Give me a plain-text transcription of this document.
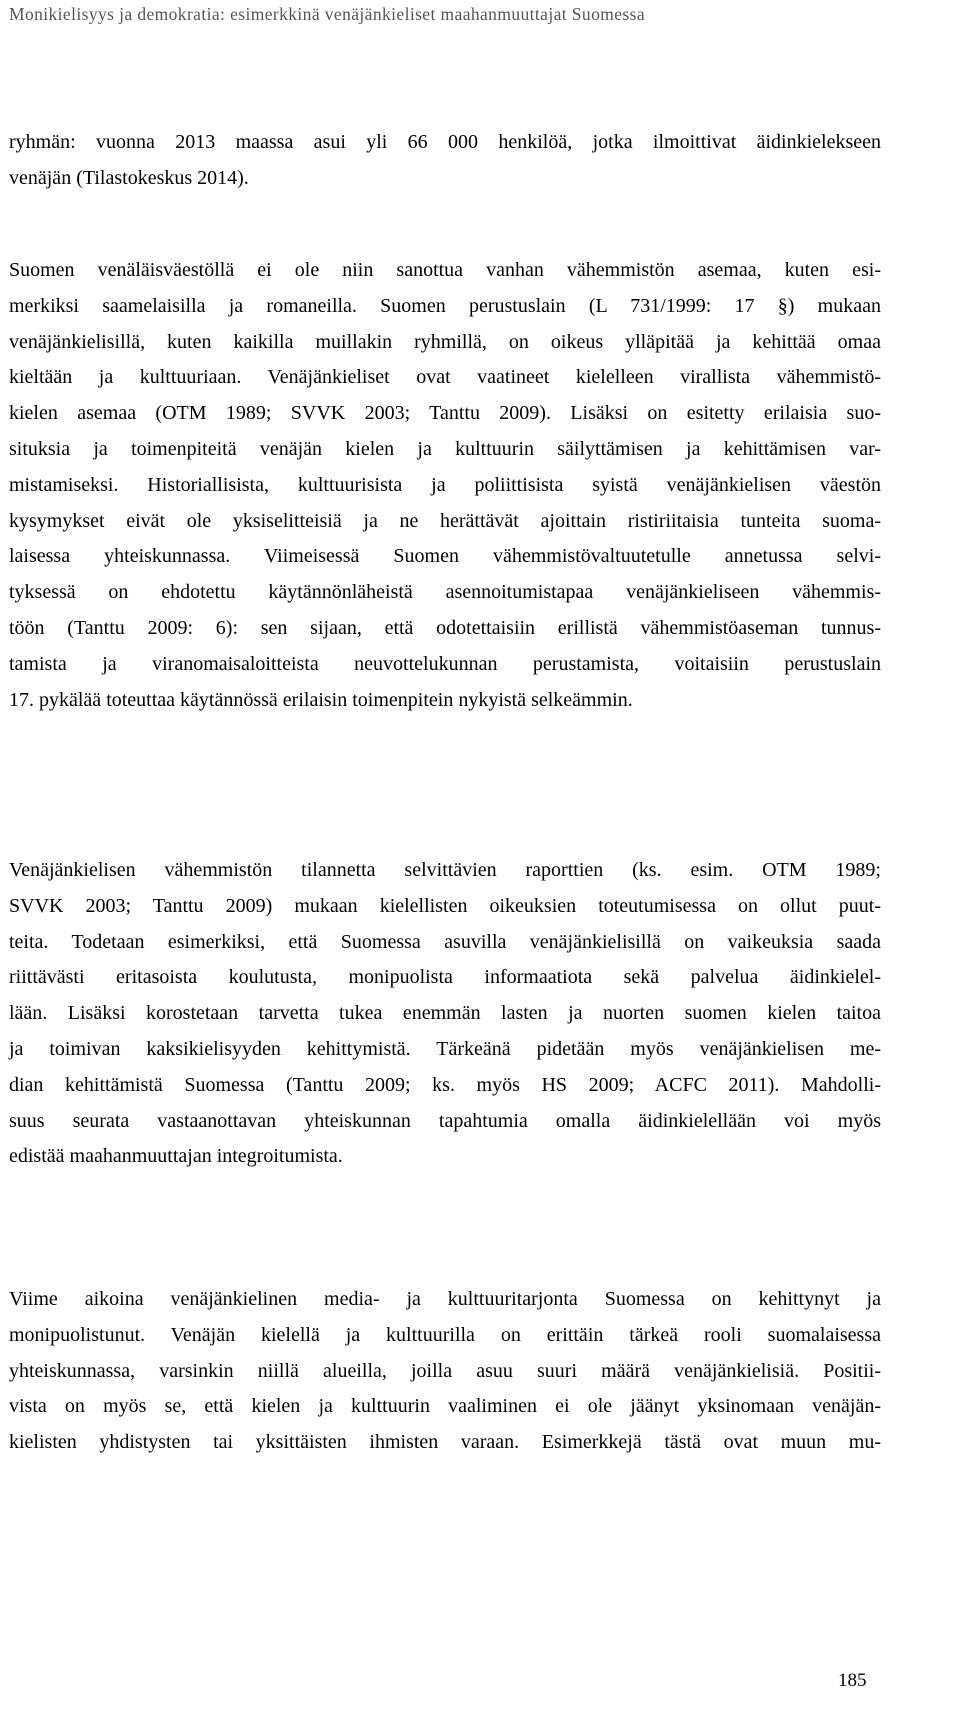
Monikielisyys ja demokratia: esimerkkinä venäjänkieliset maahanmuuttajat Suomessa
ryhmän: vuonna 2013 maassa asui yli 66 000 henkilöä, jotka ilmoittivat äidinkielekseen
venäjän (Tilastokeskus 2014).
Suomen venäläisväestöllä ei ole niin sanottua vanhan vähemmistön asemaa, kuten esi-
merkiksi saamelaisilla ja romaneilla. Suomen perustuslain (L 731/1999: 17 §) mukaan
venäjänkielisillä, kuten kaikilla muillakin ryhmillä, on oikeus ylläpitää ja kehittää omaa
kieltään ja kulttuuriaan. Venäjänkieliset ovat vaatineet kielelleen virallista vähemmistö-
kielen asemaa (OTM 1989; SVVK 2003; Tanttu 2009). Lisäksi on esitetty erilaisia suo-
situksia ja toimenpiteitä venäjän kielen ja kulttuurin säilyttämisen ja kehittämisen var-
mistamiseksi. Historiallisista, kulttuurisista ja poliittisista syistä venäjänkielisen väestön
kysymykset eivät ole yksiselitteisiä ja ne herättävät ajoittain ristiriitaisia tunteita suoma-
laisessa yhteiskunnassa. Viimeisessä Suomen vähemmistövaltuutetulle annetussa selvi-
tyksessä on ehdotettu käytännönläheistä asennoitumistapaa venäjänkieliseen vähemmis-
töön (Tanttu 2009: 6): sen sijaan, että odotettaisiin erillistä vähemmistöaseman tunnus-
tamista ja viranomaisaloitteista neuvottelukunnan perustamista, voitaisiin perustuslain
17. pykälää toteuttaa käytännössä erilaisin toimenpitein nykyistä selkeämmin.
Venäjänkielisen vähemmistön tilannetta selvittävien raporttien (ks. esim. OTM 1989;
SVVK 2003; Tanttu 2009) mukaan kielellisten oikeuksien toteutumisessa on ollut puut-
teita. Todetaan esimerkiksi, että Suomessa asuvilla venäjänkielisillä on vaikeuksia saada
riittävästi eritasoista koulutusta, monipuolista informaatiota sekä palvelua äidinkielel-
lään. Lisäksi korostetaan tarvetta tukea enemmän lasten ja nuorten suomen kielen taitoa
ja toimivan kaksikielisyyden kehittymistä. Tärkeänä pidetään myös venäjänkielisen me-
dian kehittämistä Suomessa (Tanttu 2009; ks. myös HS 2009; ACFC 2011). Mahdolli-
suus seurata vastaanottavan yhteiskunnan tapahtumia omalla äidinkielellään voi myös
edistää maahanmuuttajan integroitumista.
Viime aikoina venäjänkielinen media- ja kulttuuritarjonta Suomessa on kehittynyt ja
monipuolistunut. Venäjän kielellä ja kulttuurilla on erittäin tärkeä rooli suomalaisessa
yhteiskunnassa, varsinkin niillä alueilla, joilla asuu suuri määrä venäjänkielisiä. Positii-
vista on myös se, että kielen ja kulttuurin vaaliminen ei ole jäänyt yksinomaan venäjän-
kielisten yhdistysten tai yksittäisten ihmisten varaan. Esimerkkejä tästä ovat muun mu-
185
